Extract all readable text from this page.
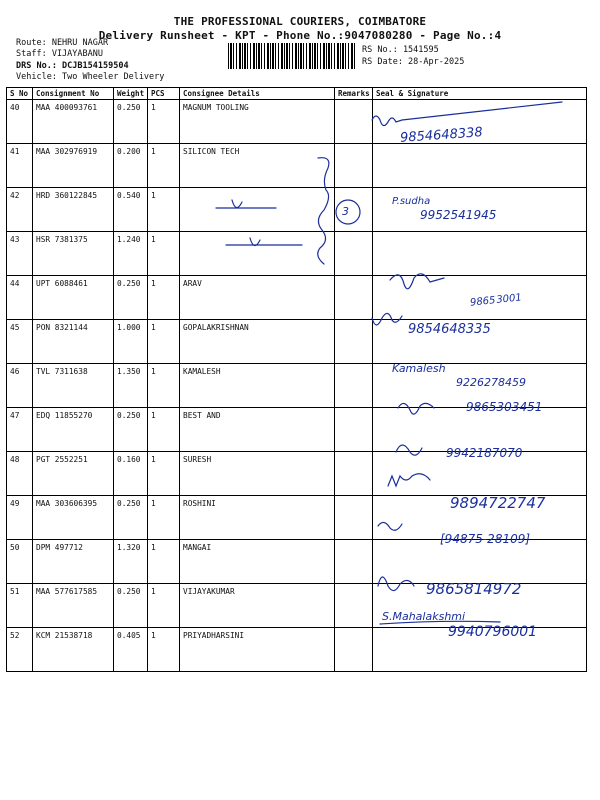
THE PROFESSIONAL COURIERS, COIMBATORE
Delivery Runsheet - KPT - Phone No.:9047080280 - Page No.:4
Route: NEHRU NAGAR
Staff: VIJAYABANU
DRS No.: DCJB154159504
Vehicle: Two Wheeler Delivery
RS No.: 1541595
RS Date: 28-Apr-2025
S No	Consignment No	Weight	PCS	Consignee Details	Remarks	Seal & Signature
40	MAA 400093761	0.250	1	MAGNUM TOOLING		
41	MAA 302976919	0.200	1	SILICON TECH		
42	HRD 360122845	0.540	1			
43	HSR 7381375	1.240	1			
44	UPT 6088461	0.250	1	ARAV		
45	PON 8321144	1.000	1	GOPALAKRISHNAN		
46	TVL 7311638	1.350	1	KAMALESH		
47	EDQ 11855270	0.250	1	BEST AND		
48	PGT 2552251	0.160	1	SURESH		
49	MAA 303606395	0.250	1	ROSHINI		
50	DPM 497712	1.320	1	MANGAI		
51	MAA 577617585	0.250	1	VIJAYAKUMAR		
52	KCM 21538718	0.405	1	PRIYADHARSINI		
9854648338
P.sudha
9952541945
3
9865 3001
9854648335
Kamalesh
9226278459
9865303451
9942187070
9894722747
[94875-28109]
9865814972
S.Mahalakshmi
9940796001
